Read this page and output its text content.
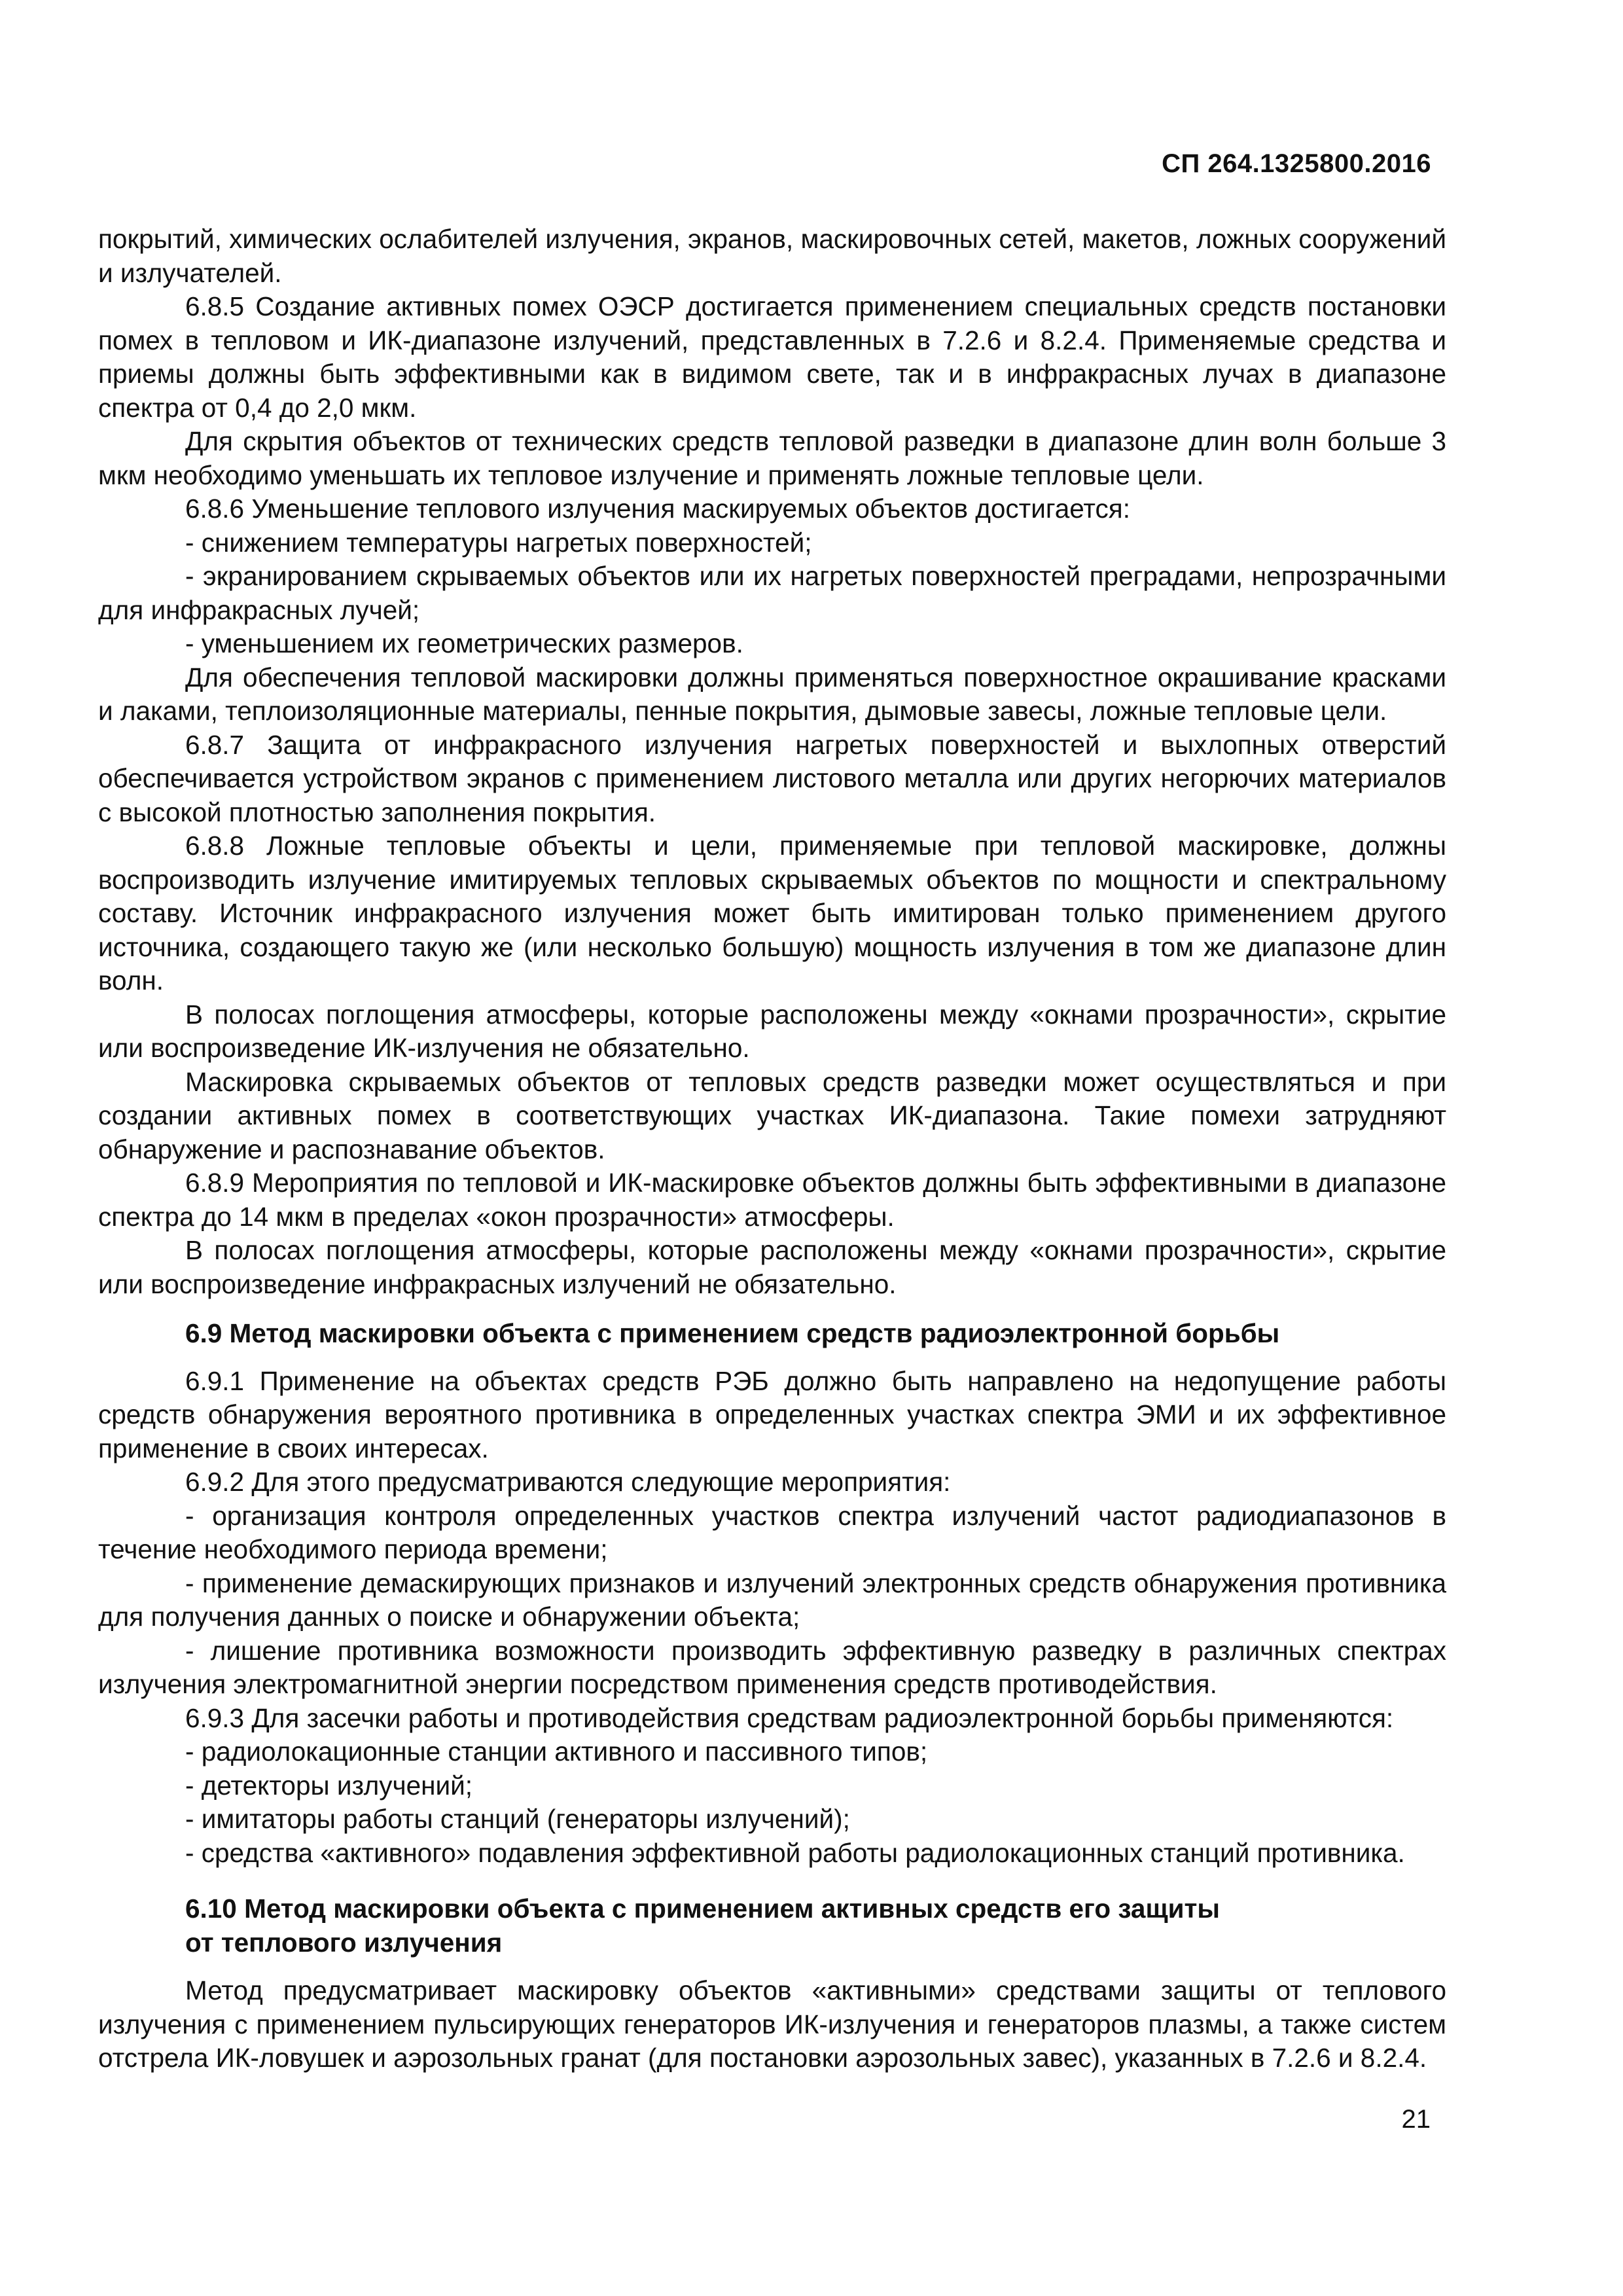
СП 264.1325800.2016

покрытий, химических ослабителей излучения, экранов, маскировочных сетей, макетов, ложных сооружений и излучателей.

6.8.5 Создание активных помех ОЭСР достигается применением специальных средств постановки помех в тепловом и ИК-диапазоне излучений, представленных в 7.2.6 и 8.2.4. Применяемые средства и приемы должны быть эффективными как в видимом свете, так и в инфракрасных лучах в диапазоне спектра от 0,4 до 2,0 мкм.

Для скрытия объектов от технических средств тепловой разведки в диапазоне длин волн больше 3 мкм необходимо уменьшать их тепловое излучение и применять ложные тепловые цели.

6.8.6 Уменьшение теплового излучения маскируемых объектов достигается:

- снижением температуры нагретых поверхностей;

- экранированием скрываемых объектов или их нагретых поверхностей преградами, непрозрачными для инфракрасных лучей;

- уменьшением их геометрических размеров.

Для обеспечения тепловой маскировки должны применяться поверхностное окрашивание красками и лаками, теплоизоляционные материалы, пенные покрытия, дымовые завесы, ложные тепловые цели.

6.8.7 Защита от инфракрасного излучения нагретых поверхностей и выхлопных отверстий обеспечивается устройством экранов с применением листового металла или других негорючих материалов с высокой плотностью заполнения покрытия.

6.8.8 Ложные тепловые объекты и цели, применяемые при тепловой маскировке, должны воспроизводить излучение имитируемых тепловых скрываемых объектов по мощности и спектральному составу. Источник инфракрасного излучения может быть имитирован только применением другого источника, создающего такую же (или несколько большую) мощность излучения в том же диапазоне длин волн.

В полосах поглощения атмосферы, которые расположены между «окнами прозрачности», скрытие или воспроизведение ИК-излучения не обязательно.

Маскировка скрываемых объектов от тепловых средств разведки может осуществляться и при создании активных помех в соответствующих участках ИК-диапазона. Такие помехи затрудняют обнаружение и распознавание объектов.

6.8.9 Мероприятия по тепловой и ИК-маскировке объектов должны быть эффективными в диапазоне спектра до 14 мкм в пределах «окон прозрачности» атмосферы.

В полосах поглощения атмосферы, которые расположены между «окнами прозрачности», скрытие или воспроизведение инфракрасных излучений не обязательно.

6.9 Метод маскировки объекта с применением средств радиоэлектронной борьбы

6.9.1 Применение на объектах средств РЭБ должно быть направлено на недопущение работы средств обнаружения вероятного противника в определенных участках спектра ЭМИ и их эффективное применение в своих интересах.

6.9.2 Для этого предусматриваются следующие мероприятия:

- организация контроля определенных участков спектра излучений частот радиодиапазонов в течение необходимого периода времени;

- применение демаскирующих признаков и излучений электронных средств обнаружения противника для получения данных о поиске и обнаружении объекта;

- лишение противника возможности производить эффективную разведку в различных спектрах излучения электромагнитной энергии посредством применения средств противодействия.

6.9.3 Для засечки работы и противодействия средствам радиоэлектронной борьбы применяются:

- радиолокационные станции активного и пассивного типов;

- детекторы излучений;

- имитаторы работы станций (генераторы излучений);

- средства «активного» подавления эффективной работы радиолокационных станций противника.

6.10 Метод маскировки объекта с применением активных средств его защиты
от теплового излучения

Метод предусматривает маскировку объектов «активными» средствами защиты от теплового излучения с применением пульсирующих генераторов ИК-излучения и генераторов плазмы, а также систем отстрела ИК-ловушек и аэрозольных гранат (для постановки аэрозольных завес), указанных в 7.2.6 и 8.2.4.

21
